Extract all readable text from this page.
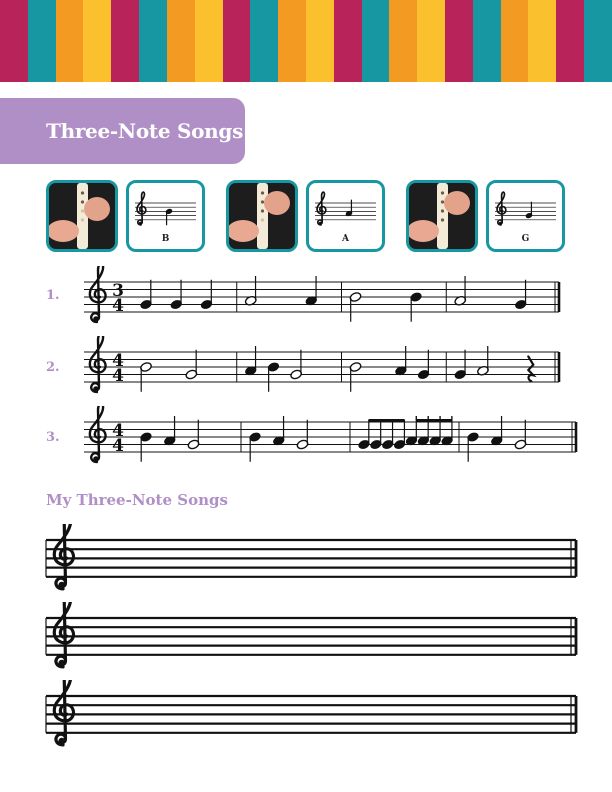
Three-Note Songs
B	A	G
1.
2.
3.
3
4
4
4
4
4
My Three-Note Songs
